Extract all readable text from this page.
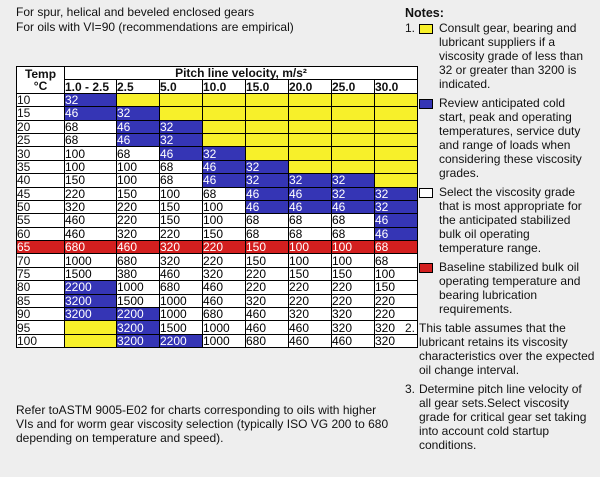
For spur, helical and beveled enclosed gears
For oils with VI=90 (recommendations are empirical)
Temp
°C	Pitch line velocity, m/s²							
	1.0 - 2.5	2.5	5.0	10.0	15.0	20.0	25.0	30.0
10	32							
15	46	32						
20	68	46	32					
25	68	46	32					
30	100	68	46	32				
35	100	100	68	46	32			
40	150	100	68	46	32	32	32	
45	220	150	100	68	46	46	32	32
50	320	220	150	100	46	46	46	32
55	460	220	150	100	68	68	68	46
60	460	320	220	150	68	68	68	46
65	680	460	320	220	150	100	100	68
70	1000	680	320	220	150	100	100	68
75	1500	380	460	320	220	150	150	100
80	2200	1000	680	460	220	220	220	150
85	3200	1500	1000	460	320	220	220	220
90	3200	2200	1000	680	460	320	320	220
95		3200	1500	1000	460	460	320	320
100		3200	2200	1000	680	460	460	320
Refer toASTM 9005-E02 for charts corresponding to oils with higher VIs and for worm gear viscosity selection (typically ISO VG 200 to 680 depending on temperature and speed).
Notes:
1.	Consult gear, bearing and lubricant suppliers if a viscosity grade of less than 32 or greater than 3200 is indicated.
Review anticipated cold start, peak and operating temperatures, service duty and range of loads when considering these viscosity grades.
Select the viscosity grade that is most appropriate for the anticipated stabilized bulk oil operating temperature range.
Baseline stabilized bulk oil operating temperature and bearing lubrication requirements.
2. This table assumes that the lubricant retains its viscosity characteristics over the expected oil change interval.
3. Determine pitch line velocity of all gear sets.Select viscosity grade for critical gear set taking into account cold startup conditions.
